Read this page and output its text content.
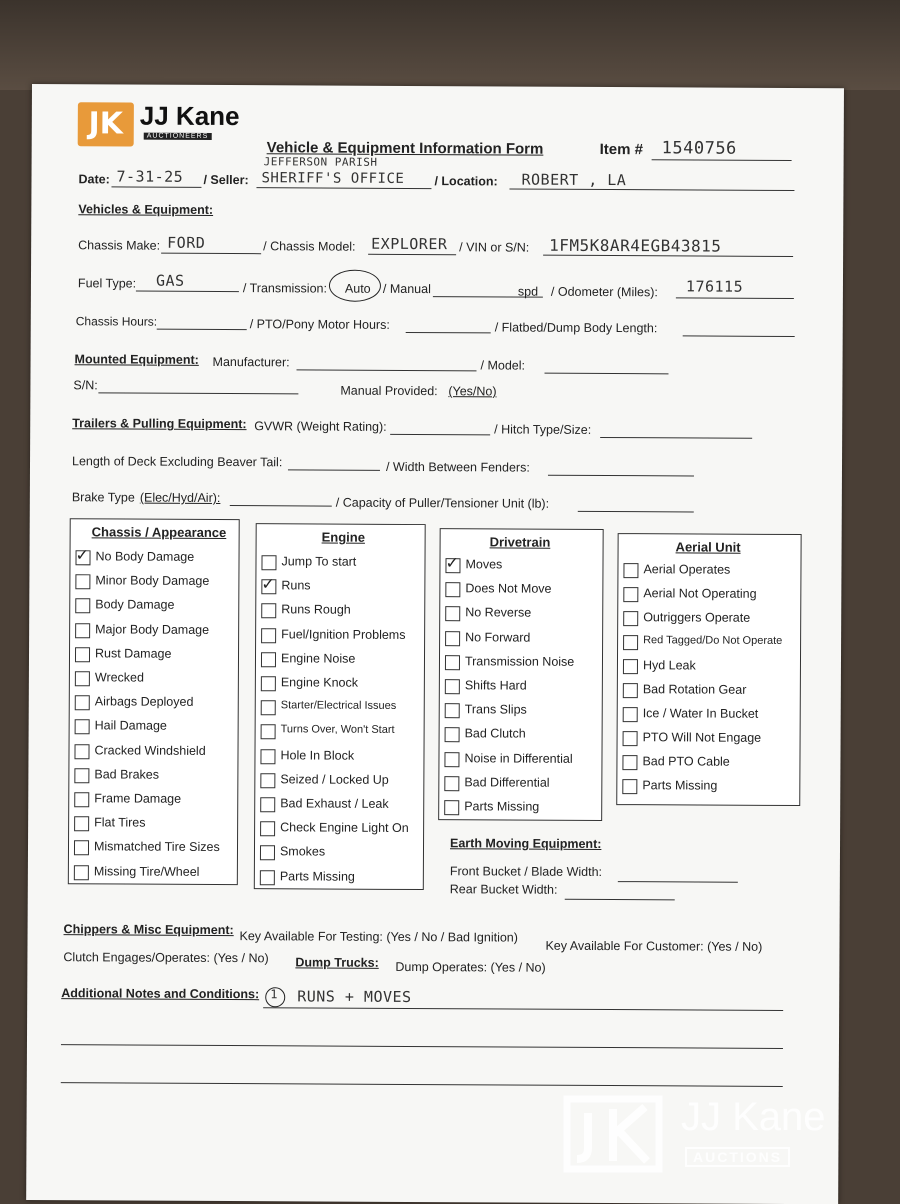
JK JJ Kane
AUCTIONEERS
Vehicle & Equipment Information Form	Item # 1540756
Date: 7-31-25 / Seller:
JEFFERSON PARISH
SHERIFF'S OFFICE / Location: ROBERT , LA
Vehicles & Equipment:
Chassis Make: FORD	/ Chassis Model: EXPLORER / VIN or S/N: 1FM5K8AR4EGB43815
Fuel Type: GAS	/ Transmission: Auto / Manual	spd / Odometer (Miles): 176115
Chassis Hours:	/ PTO/Pony Motor Hours:	/ Flatbed/Dump Body Length:
Mounted Equipment: Manufacturer:	/ Model:
S/N:	Manual Provided: (Yes/No)
Trailers & Pulling Equipment: GVWR (Weight Rating):	/ Hitch Type/Size:
Length of Deck Excluding Beaver Tail:	/ Width Between Fenders:
Brake Type (Elec/Hyd/Air):	/ Capacity of Puller/Tensioner Unit (lb):
Chassis / Appearance
✓ No Body Damage
Minor Body Damage
Body Damage
Major Body Damage
Rust Damage
Wrecked
Airbags Deployed
Hail Damage
Cracked Windshield
Bad Brakes
Frame Damage
Flat Tires
Mismatched Tire Sizes
Missing Tire/Wheel
Engine
Jump To start
✓ Runs
Runs Rough
Fuel/Ignition Problems
Engine Noise
Engine Knock
Starter/Electrical Issues
Turns Over, Won't Start
Hole In Block
Seized / Locked Up
Bad Exhaust / Leak
Check Engine Light On
Smokes
Parts Missing
Drivetrain
✓ Moves
Does Not Move
No Reverse
No Forward
Transmission Noise
Shifts Hard
Trans Slips
Bad Clutch
Noise in Differential
Bad Differential
Parts Missing
Aerial Unit
Aerial Operates
Aerial Not Operating
Outriggers Operate
Red Tagged/Do Not Operate
Hyd Leak
Bad Rotation Gear
Ice / Water In Bucket
PTO Will Not Engage
Bad PTO Cable
Parts Missing
Earth Moving Equipment:
Front Bucket / Blade Width:
Rear Bucket Width:
Chippers & Misc Equipment: Key Available For Testing: (Yes / No / Bad Ignition)
Key Available For Customer: (Yes / No)
Clutch Engages/Operates: (Yes / No) Dump Trucks: Dump Operates: (Yes / No)
Additional Notes and Conditions: 1 RUNS + MOVES
JJ Kane
AUCTIONS
